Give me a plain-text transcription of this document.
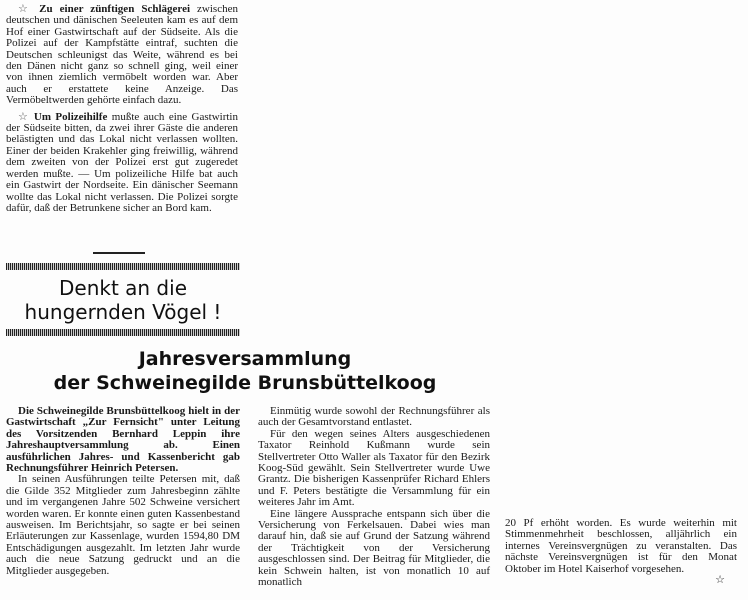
☆ Zu einer zünftigen Schlägerei zwischen deutschen und dänischen Seeleuten kam es auf dem Hof einer Gastwirtschaft auf der Südseite. Als die Polizei auf der Kampfstätte eintraf, suchten die Deutschen schleunigst das Weite, während es bei den Dänen nicht ganz so schnell ging, weil einer von ihnen ziemlich vermöbelt worden war. Aber auch er erstattete keine Anzeige. Das Vermöbeltwerden gehörte einfach dazu.

☆ Um Polizeihilfe mußte auch eine Gastwirtin der Südseite bitten, da zwei ihrer Gäste die anderen belästigten und das Lokal nicht verlassen wollten. Einer der beiden Krakehler ging freiwillig, während dem zweiten von der Polizei erst gut zugeredet werden mußte. — Um polizeiliche Hilfe bat auch ein Gastwirt der Nordseite. Ein dänischer Seemann wollte das Lokal nicht verlassen. Die Polizei sorgte dafür, daß der Betrunkene sicher an Bord kam.

Denkt an die
hungernden Vögel !
Jahresversammlung
der Schweinegilde Brunsbüttelkoog

Die Schweinegilde Brunsbüttelkoog hielt in der Gastwirtschaft „Zur Fernsicht" unter Leitung des Vorsitzenden Bernhard Leppin ihre Jahreshauptversammlung ab. Einen ausführlichen Jahres- und Kassenbericht gab Rechnungsführer Heinrich Petersen.

In seinen Ausführungen teilte Petersen mit, daß die Gilde 352 Mitglieder zum Jahresbeginn zählte und im vergangenen Jahre 502 Schweine versichert worden waren. Er konnte einen guten Kassenbestand ausweisen. Im Berichtsjahr, so sagte er bei seinen Erläuterungen zur Kassenlage, wurden 1594,80 DM Entschädigungen ausgezahlt. Im letzten Jahr wurde auch die neue Satzung gedruckt und an die Mitglieder ausgegeben.

Einmütig wurde sowohl der Rechnungsführer als auch der Gesamtvorstand entlastet.

Für den wegen seines Alters ausgeschiedenen Taxator Reinhold Kußmann wurde sein Stellvertreter Otto Waller als Taxator für den Bezirk Koog-Süd gewählt. Sein Stellvertreter wurde Uwe Grantz. Die bisherigen Kassenprüfer Richard Ehlers und F. Peters bestätigte die Versammlung für ein weiteres Jahr im Amt.

Eine längere Aussprache entspann sich über die Versicherung von Ferkelsauen. Dabei wies man darauf hin, daß sie auf Grund der Satzung während der Trächtigkeit von der Versicherung ausgeschlossen sind. Der Beitrag für Mitglieder, die kein Schwein halten, ist von monatlich 10 auf monatlich

20 Pf erhöht worden. Es wurde weiterhin mit Stimmenmehrheit beschlossen, alljährlich ein internes Vereinsvergnügen zu veranstalten. Das nächste Vereinsvergnügen ist für den Monat Oktober im Hotel Kaiserhof vorgesehen.

☆
